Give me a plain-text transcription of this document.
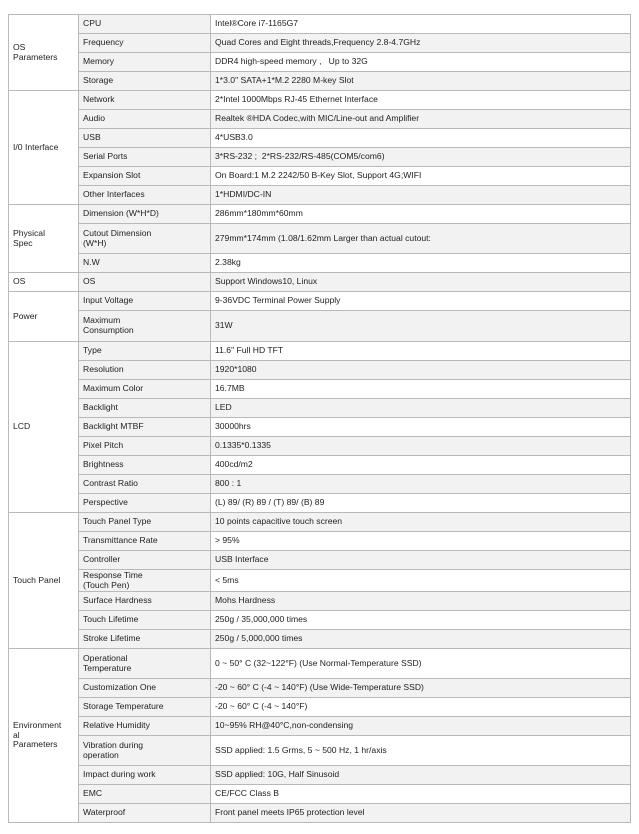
OS
Parameters	CPU	Intel®Core i7-1165G7
	Frequency	Quad Cores and Eight threads,Frequency 2.8-4.7GHz
	Memory	DDR4 high-speed memory ,   Up to 32G
	Storage	1*3.0" SATA+1*M.2 2280 M-key Slot
I/0 Interface	Network	2*Intel 1000Mbps RJ-45 Ethernet Interface
	Audio	Realtek ®HDA Codec,with MIC/Line-out and Amplifier
	USB	4*USB3.0
	Serial Ports	3*RS-232 ;  2*RS-232/RS-485(COM5/com6)
	Expansion Slot	On Board:1 M.2 2242/50 B-Key Slot, Support 4G;WIFI
	Other Interfaces	1*HDMI/DC-IN
Physical
Spec	Dimension (W*H*D)	286mm*180mm*60mm
	Cutout Dimension
(W*H)	279mm*174mm (1.08/1.62mm Larger than actual cutout:
	N.W	2.38kg
OS	OS	Support Windows10, Linux
Power	Input Voltage	9-36VDC Terminal Power Supply
	Maximum
Consumption	31W
LCD	Type	11.6" Full HD TFT
	Resolution	1920*1080
	Maximum Color	16.7MB
	Backlight	LED
	Backlight MTBF	30000hrs
	Pixel Pitch	0.1335*0.1335
	Brightness	400cd/m2
	Contrast Ratio	800 : 1
	Perspective	(L) 89/ (R) 89 / (T) 89/ (B) 89
Touch Panel	Touch Panel Type	10 points capacitive touch screen
	Transmittance Rate	> 95%
	Controller	USB Interface
	Response Time
(Touch Pen)	< 5ms
	Surface Hardness	Mohs Hardness
	Touch Lifetime	250g / 35,000,000 times
	Stroke Lifetime	250g / 5,000,000 times
Environment
al
Parameters	Operational
Temperature	0 ~ 50° C (32~122°F) (Use Normal-Temperature SSD)
	Customization One	-20 ~ 60° C (-4 ~ 140°F) (Use Wide-Temperature SSD)
	Storage Temperature	-20 ~ 60° C (-4 ~ 140°F)
	Relative Humidity	10~95% RH@40°C,non-condensing
	Vibration during
operation	SSD applied: 1.5 Grms, 5 ~ 500 Hz, 1 hr/axis
	Impact during work	SSD applied: 10G, Half Sinusoid
	EMC	CE/FCC Class B
	Waterproof	Front panel meets IP65 protection level
